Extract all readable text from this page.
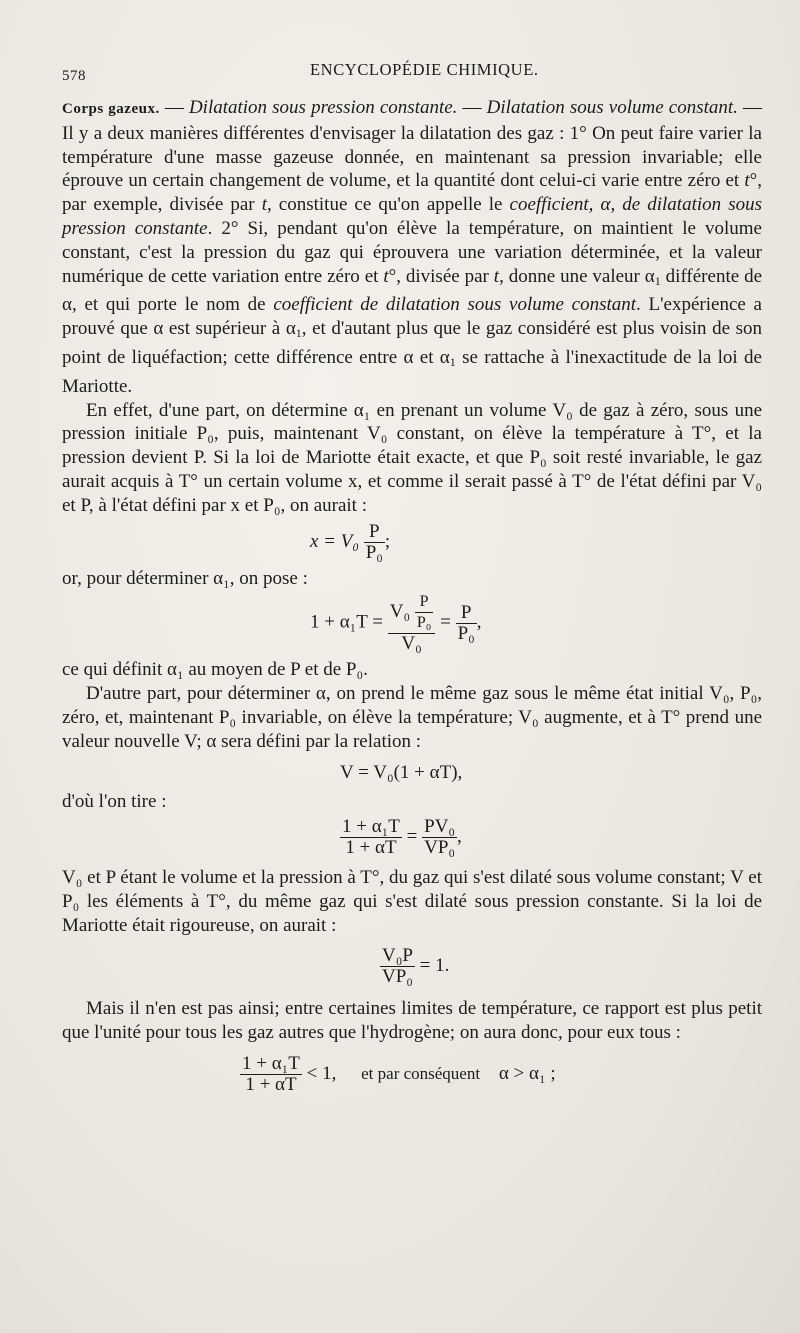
578	ENCYCLOPÉDIE CHIMIQUE.

Corps gazeux. — Dilatation sous pression constante. — Dilatation sous volume constant. — Il y a deux manières différentes d'envisager la dilatation des gaz : 1° On peut faire varier la température d'une masse gazeuse donnée, en maintenant sa pression invariable; elle éprouve un certain changement de volume, et la quantité dont celui-ci varie entre zéro et t°, par exemple, divisée par t, constitue ce qu'on appelle le coefficient, α, de dilatation sous pression constante. 2° Si, pendant qu'on élève la température, on maintient le volume constant, c'est la pression du gaz qui éprouvera une variation déterminée, et la valeur numérique de cette variation entre zéro et t°, divisée par t, donne une valeur $\alpha_1$ différente de α, et qui porte le nom de coefficient de dilatation sous volume constant. L'expérience a prouvé que α est supérieur à $\alpha_1$, et d'autant plus que le gaz considéré est plus voisin de son point de liquéfaction; cette différence entre α et $\alpha_1$ se rattache à l'inexactitude de la loi de Mariotte.

En effet, d'une part, on détermine α₁ en prenant un volume V₀ de gaz à zéro, sous une pression initiale P₀, puis, maintenant V₀ constant, on élève la température à T°, et la pression devient P. Si la loi de Mariotte était exacte, et que P₀ soit resté invariable, le gaz aurait acquis à T° un certain volume x, et comme il serait passé à T° de l'état défini par V₀ et P, à l'état défini par x et P₀, on aurait :

$x = V_0 \frac{P}{\text{P₀}}$ ;

or, pour déterminer α₁, on pose :

$1 + \alpha_1T = \frac{V_0 \frac{P}{\text{P₀}}}{\text{V₀}} = \frac{P}{\text{P₀}}$ ,

ce qui définit α₁ au moyen de P et de P₀.

D'autre part, pour déterminer α, on prend le même gaz sous le même état initial V₀, P₀, zéro, et, maintenant P₀ invariable, on élève la température; V₀ augmente, et à T° prend une valeur nouvelle V; α sera défini par la relation :

V = V₀(1 + αT),

d'où l'on tire :

$\frac{\text{1 + α₁T}}{1 + \alpha T} = \frac{\text{PV₀}}{\text{VP₀}}$ ,

V₀ et P étant le volume et la pression à T°, du gaz qui s'est dilaté sous volume constant; V et P₀ les éléments à T°, du même gaz qui s'est dilaté sous pression constante. Si la loi de Mariotte était rigoureuse, on aurait :

$\frac{\text{V₀P}}{\text{VP₀}} = 1$.

Mais il n'en est pas ainsi; entre certaines limites de température, ce rapport est plus petit que l'unité pour tous les gaz autres que l'hydrogène; on aura donc, pour eux tous :

$\frac{\text{1 + α₁T}}{1 + \alpha T} < 1$, et par conséquent α > α₁ ;
